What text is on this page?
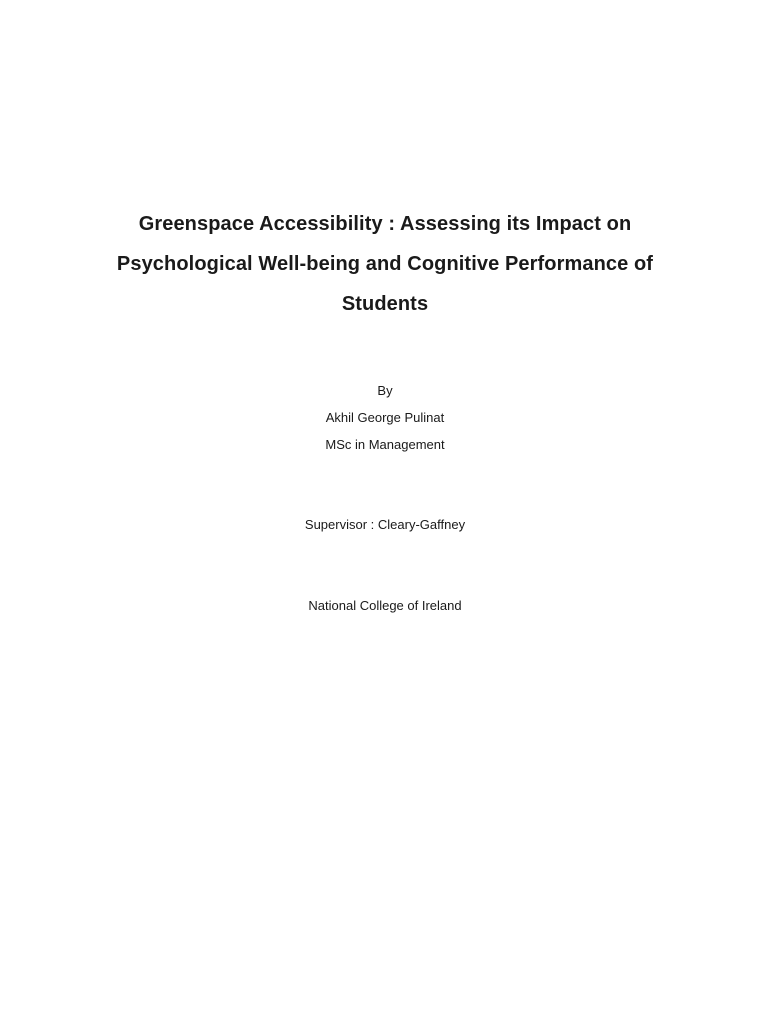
Greenspace Accessibility : Assessing its Impact on
Psychological Well-being and Cognitive Performance of
Students
By
Akhil George Pulinat
MSc in Management
Supervisor : Cleary-Gaffney
National College of Ireland
